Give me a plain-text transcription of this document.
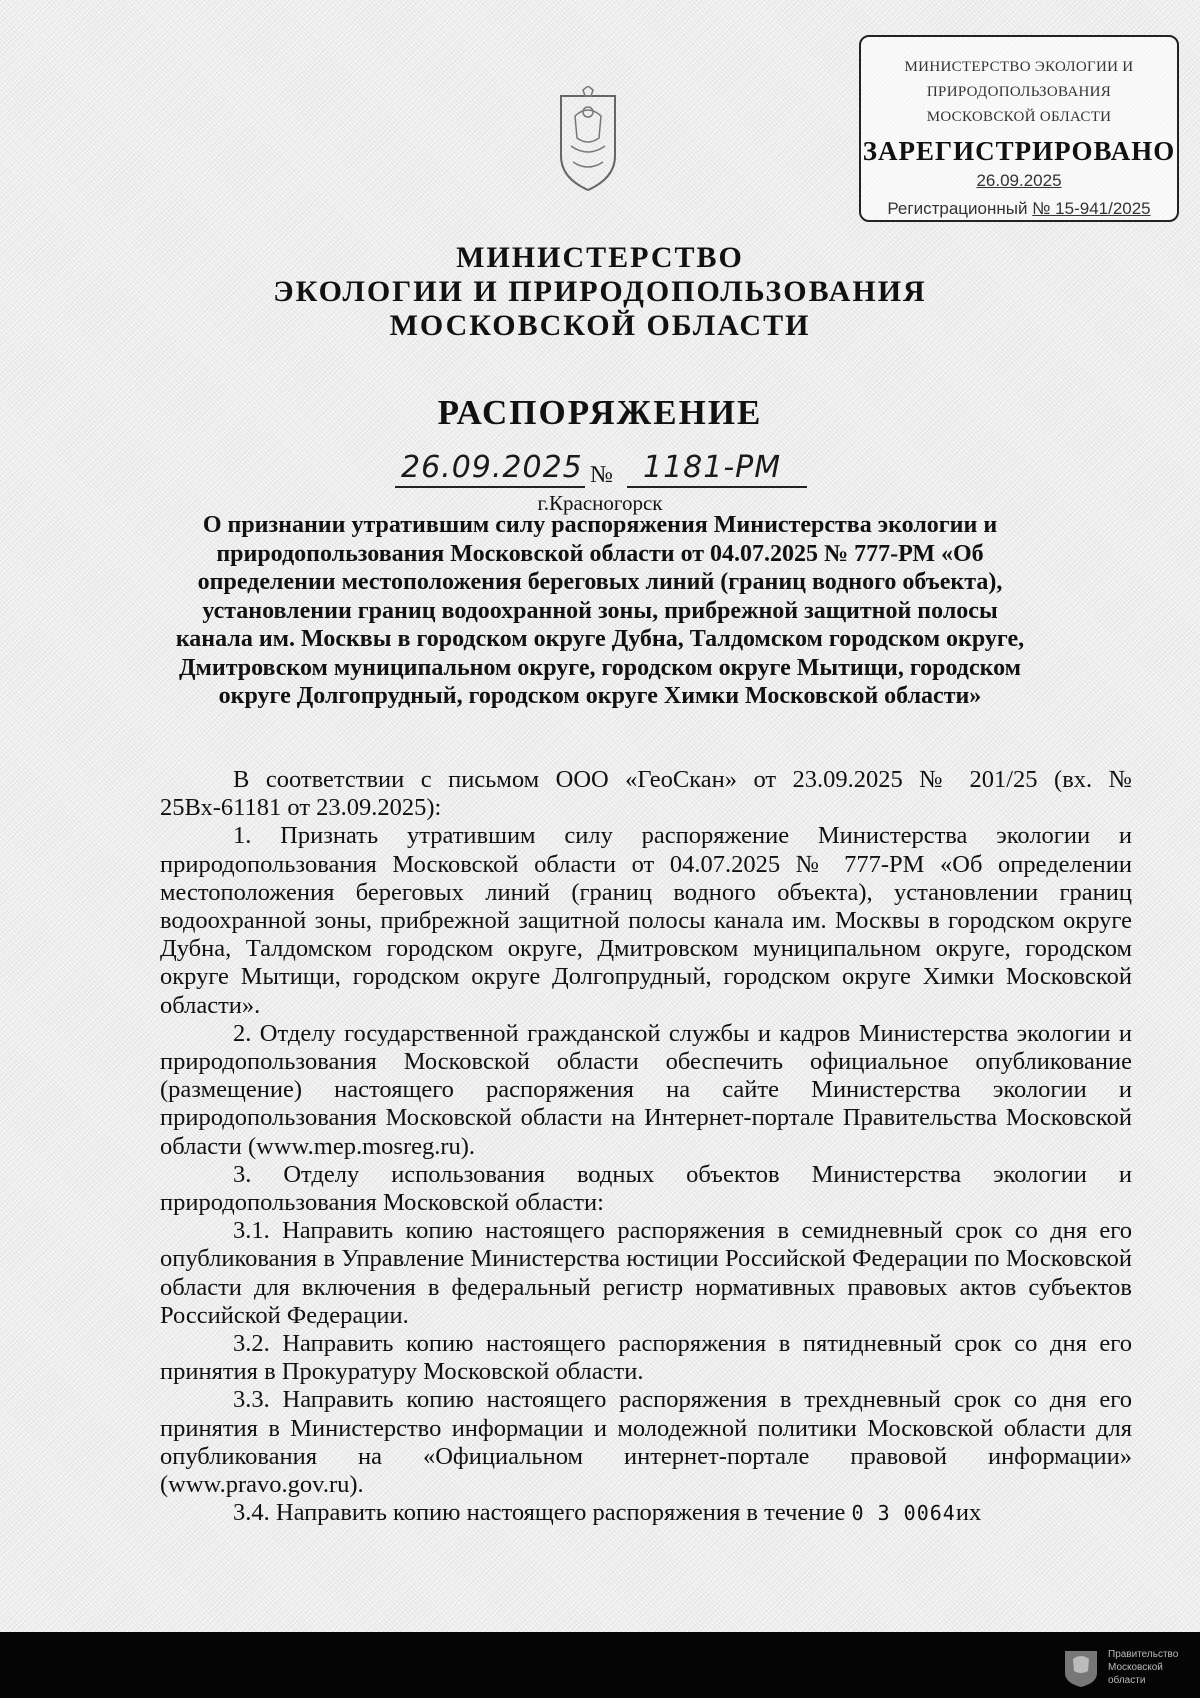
МИНИСТЕРСТВО ЭКОЛОГИИ И
ПРИРОДОПОЛЬЗОВАНИЯ
МОСКОВСКОЙ ОБЛАСТИ
ЗАРЕГИСТРИРОВАНО
26.09.2025
Регистрационный № 15-941/2025
МИНИСТЕРСТВО
ЭКОЛОГИИ И ПРИРОДОПОЛЬЗОВАНИЯ
МОСКОВСКОЙ ОБЛАСТИ
РАСПОРЯЖЕНИЕ
26.09.2025 № 1181-РМ
г.Красногорск
О признании утратившим силу распоряжения Министерства экологии и природопользования Московской области от 04.07.2025 № 777-РМ «Об определении местоположения береговых линий (границ водного объекта), установлении границ водоохранной зоны, прибрежной защитной полосы канала им. Москвы в городском округе Дубна, Талдомском городском округе, Дмитровском муниципальном округе, городском округе Мытищи, городском округе Долгопрудный, городском округе Химки Московской области»

В соответствии с письмом ООО «ГеоСкан» от 23.09.2025 № 201/25 (вх. № 25Вх-61181 от 23.09.2025):

1. Признать утратившим силу распоряжение Министерства экологии и природопользования Московской области от 04.07.2025 № 777-РМ «Об определении местоположения береговых линий (границ водного объекта), установлении границ водоохранной зоны, прибрежной защитной полосы канала им. Москвы в городском округе Дубна, Талдомском городском округе, Дмитровском муниципальном округе, городском округе Мытищи, городском округе Долгопрудный, городском округе Химки Московской области».

2. Отделу государственной гражданской службы и кадров Министерства экологии и природопользования Московской области обеспечить официальное опубликование (размещение) настоящего распоряжения на сайте Министерства экологии и природопользования Московской области на Интернет-портале Правительства Московской области (www.mep.mosreg.ru).

3. Отделу использования водных объектов Министерства экологии и природопользования Московской области:

3.1. Направить копию настоящего распоряжения в семидневный срок со дня его опубликования в Управление Министерства юстиции Российской Федерации по Московской области для включения в федеральный регистр нормативных правовых актов субъектов Российской Федерации.

3.2. Направить копию настоящего распоряжения в пятидневный срок со дня его принятия в Прокуратуру Московской области.

3.3. Направить копию настоящего распоряжения в трехдневный срок со дня его принятия в Министерство информации и молодежной политики Московской области для опубликования на «Официальном интернет-портале правовой информации» (www.pravo.gov.ru).

3.4. Направить копию настоящего распоряжения в течение 0 3 0064их

Правительство
Московской области
